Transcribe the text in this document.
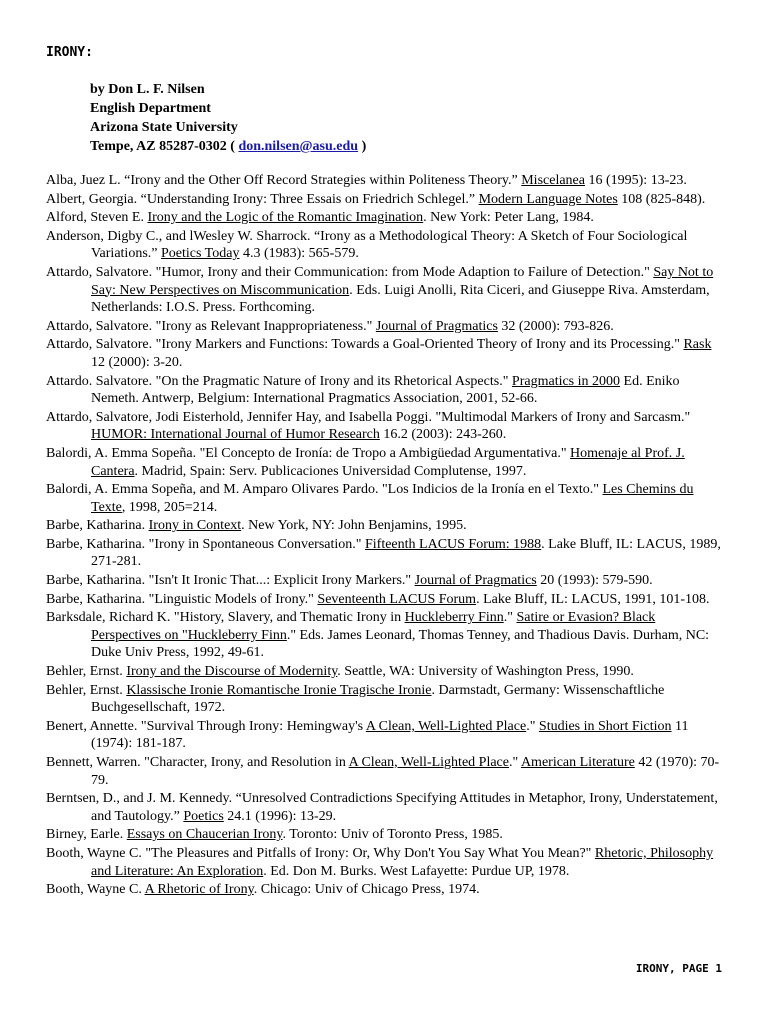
IRONY:
by Don L. F. Nilsen
English Department
Arizona State University
Tempe, AZ 85287-0302 ( don.nilsen@asu.edu )
Alba, Juez L. “Irony and the Other Off Record Strategies within Politeness Theory.” Miscelanea 16 (1995): 13-23.
Albert, Georgia. “Understanding Irony: Three Essais on Friedrich Schlegel.” Modern Language Notes 108 (825-848).
Alford, Steven E. Irony and the Logic of the Romantic Imagination. New York: Peter Lang, 1984.
Anderson, Digby C., and lWesley W. Sharrock. “Irony as a Methodological Theory: A Sketch of Four Sociological Variations.” Poetics Today 4.3 (1983): 565-579.
Attardo, Salvatore. "Humor, Irony and their Communication: from Mode Adaption to Failure of Detection." Say Not to Say: New Perspectives on Miscommunication. Eds. Luigi Anolli, Rita Ciceri, and Giuseppe Riva. Amsterdam, Netherlands: I.O.S. Press. Forthcoming.
Attardo, Salvatore. "Irony as Relevant Inappropriateness." Journal of Pragmatics 32 (2000): 793-826.
Attardo, Salvatore. "Irony Markers and Functions: Towards a Goal-Oriented Theory of Irony and its Processing." Rask 12 (2000): 3-20.
Attardo. Salvatore. "On the Pragmatic Nature of Irony and its Rhetorical Aspects." Pragmatics in 2000 Ed. Eniko Nemeth. Antwerp, Belgium: International Pragmatics Association, 2001, 52-66.
Attardo, Salvatore, Jodi Eisterhold, Jennifer Hay, and Isabella Poggi. "Multimodal Markers of Irony and Sarcasm." HUMOR: International Journal of Humor Research 16.2 (2003): 243-260.
Balordi, A. Emma Sopeña. "El Concepto de Ironía: de Tropo a Ambigüedad Argumentativa." Homenaje al Prof. J. Cantera. Madrid, Spain: Serv. Publicaciones Universidad Complutense, 1997.
Balordi, A. Emma Sopeña, and M. Amparo Olivares Pardo. "Los Indicios de la Ironía en el Texto." Les Chemins du Texte, 1998, 205=214.
Barbe, Katharina. Irony in Context. New York, NY: John Benjamins, 1995.
Barbe, Katharina. "Irony in Spontaneous Conversation." Fifteenth LACUS Forum: 1988. Lake Bluff, IL: LACUS, 1989, 271-281.
Barbe, Katharina. "Isn't It Ironic That...: Explicit Irony Markers." Journal of Pragmatics 20 (1993): 579-590.
Barbe, Katharina. "Linguistic Models of Irony." Seventeenth LACUS Forum. Lake Bluff, IL: LACUS, 1991, 101-108.
Barksdale, Richard K. "History, Slavery, and Thematic Irony in Huckleberry Finn." Satire or Evasion? Black Perspectives on "Huckleberry Finn." Eds. James Leonard, Thomas Tenney, and Thadious Davis. Durham, NC: Duke Univ Press, 1992, 49-61.
Behler, Ernst. Irony and the Discourse of Modernity. Seattle, WA: University of Washington Press, 1990.
Behler, Ernst. Klassische Ironie Romantische Ironie Tragische Ironie. Darmstadt, Germany: Wissenschaftliche Buchgesellschaft, 1972.
Benert, Annette. "Survival Through Irony: Hemingway's A Clean, Well-Lighted Place." Studies in Short Fiction 11 (1974): 181-187.
Bennett, Warren. "Character, Irony, and Resolution in A Clean, Well-Lighted Place." American Literature 42 (1970): 70-79.
Berntsen, D., and J. M. Kennedy. “Unresolved Contradictions Specifying Attitudes in Metaphor, Irony, Understatement, and Tautology.” Poetics 24.1 (1996): 13-29.
Birney, Earle. Essays on Chaucerian Irony. Toronto: Univ of Toronto Press, 1985.
Booth, Wayne C. "The Pleasures and Pitfalls of Irony: Or, Why Don't You Say What You Mean?" Rhetoric, Philosophy and Literature: An Exploration. Ed. Don M. Burks. West Lafayette: Purdue UP, 1978.
Booth, Wayne C. A Rhetoric of Irony. Chicago: Univ of Chicago Press, 1974.
IRONY, PAGE 1
